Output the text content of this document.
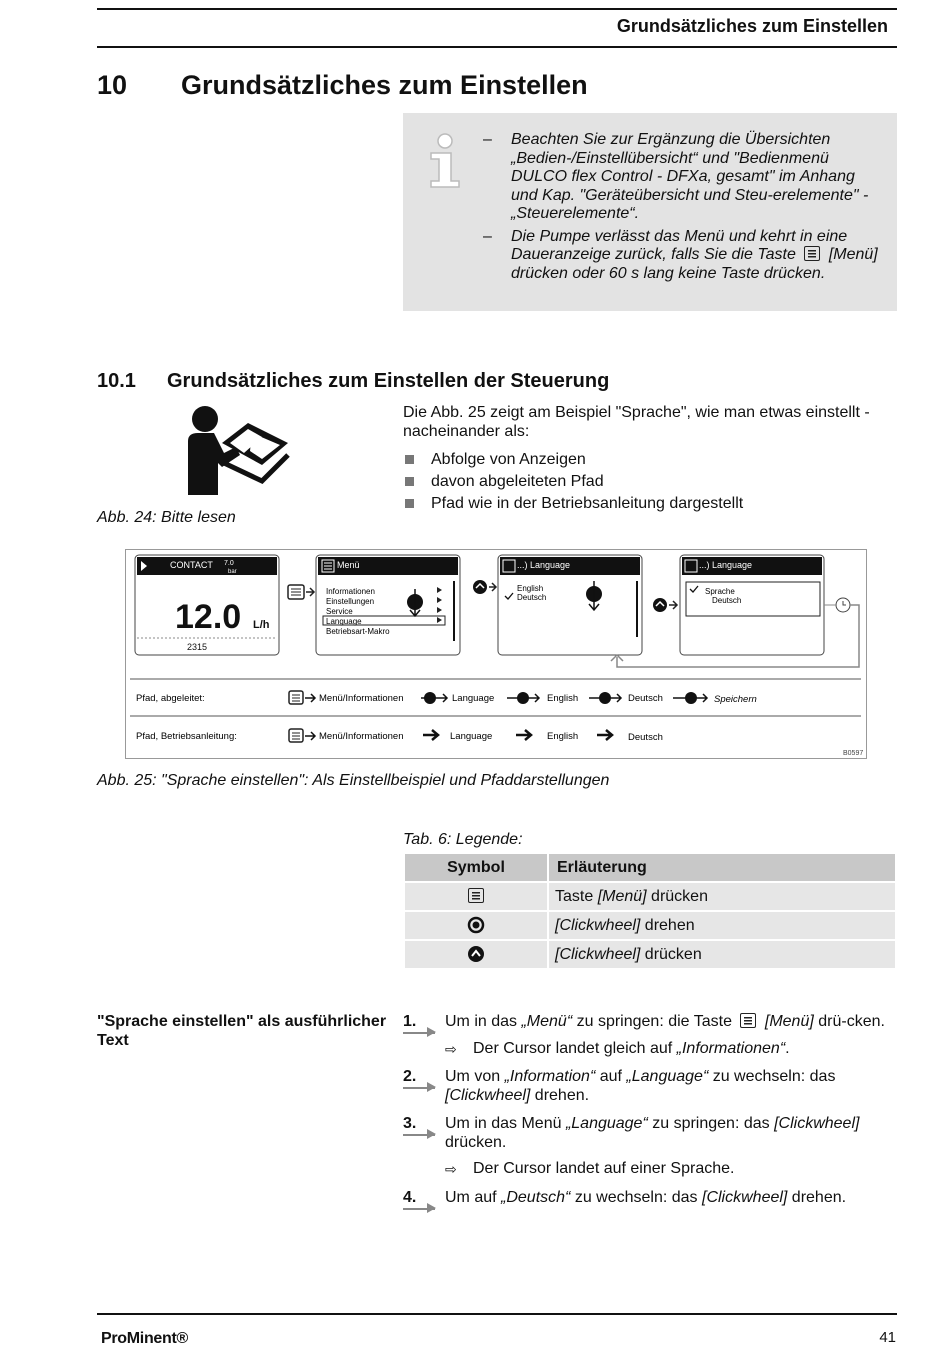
Grundsätzliches zum Einstellen
10 Grundsätzliches zum Einstellen
– Beachten Sie zur Ergänzung die Übersichten „Bedien-/Einstellübersicht“ und "Bedienmenü DULCO flex Control - DFXa, gesamt" im Anhang und Kap. "Geräteübersicht und Steu-erelemente" - „Steuerelemente“.
– Die Pumpe verlässt das Menü und kehrt in eine Daueranzeige zurück, falls Sie die Taste [Menü] drücken oder 60 s lang keine Taste drücken.
10.1 Grundsätzliches zum Einstellen der Steuerung
Abb. 24: Bitte lesen
Die Abb. 25 zeigt am Beispiel "Sprache", wie man etwas einstellt - nacheinander als:
Abfolge von Anzeigen
davon abgeleiteten Pfad
Pfad wie in der Betriebsanleitung dargestellt
CONTACT 7.0
bar
12.0 L/h
2315
Menü
Informationen
Einstellungen
Service
Language
Betriebsart-Makro
...) Language
English
Deutsch
...) Language
Sprache
Deutsch
Pfad, abgeleitet:	Menü/Informationen	Language	English	Deutsch	Speichern
Pfad, Betriebsanleitung:	Menü/Informationen	Language	English	Deutsch
B0597
Abb. 25: "Sprache einstellen": Als Einstellbeispiel und Pfaddarstellungen
Tab. 6: Legende:
Symbol	Erläuterung
	Taste [Menü] drücken
	[Clickwheel] drehen
	[Clickwheel] drücken
"Sprache einstellen" als ausführlicher Text
1.	Um in das „Menü“ zu springen: die Taste [Menü] drü-cken.
⇨ Der Cursor landet gleich auf „Informationen“.
2.	Um von „Information“ auf „Language“ zu wechseln: das [Clickwheel] drehen.
3.	Um in das Menü „Language“ zu springen: das [Clickwheel] drücken.
⇨ Der Cursor landet auf einer Sprache.
4.	Um auf „Deutsch“ zu wechseln: das [Clickwheel] drehen.
ProMinent®	41
